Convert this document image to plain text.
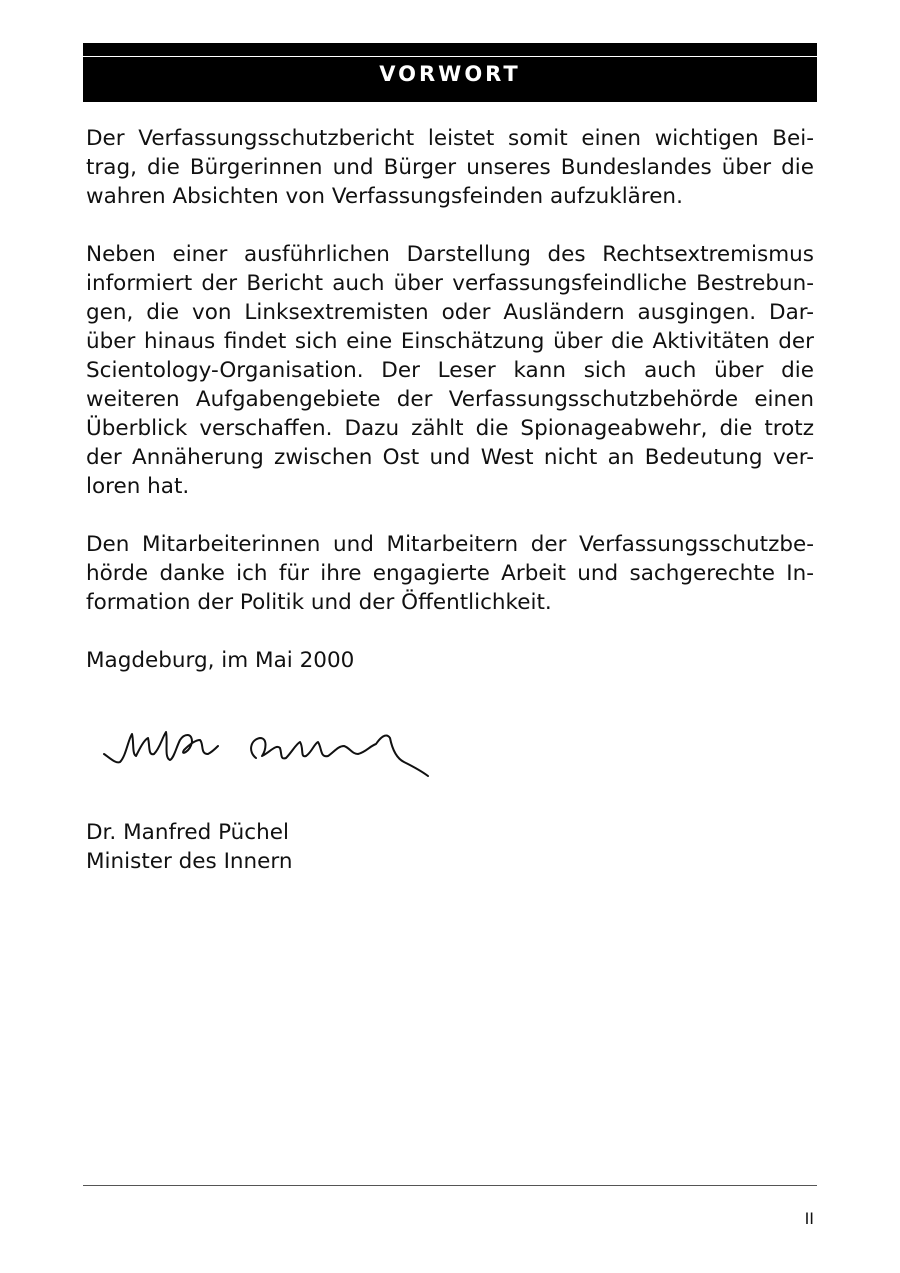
VORWORT
Der Verfassungsschutzbericht leistet somit einen wichtigen Bei-
trag, die Bürgerinnen und Bürger unseres Bundeslandes über die
wahren Absichten von Verfassungsfeinden aufzuklären.
Neben einer ausführlichen Darstellung des Rechtsextremismus
informiert der Bericht auch über verfassungsfeindliche Bestrebun-
gen, die von Linksextremisten oder Ausländern ausgingen. Dar-
über hinaus findet sich eine Einschätzung über die Aktivitäten der
Scientology-Organisation. Der Leser kann sich auch über die
weiteren Aufgabengebiete der Verfassungsschutzbehörde einen
Überblick verschaffen. Dazu zählt die Spionageabwehr, die trotz
der Annäherung zwischen Ost und West nicht an Bedeutung ver-
loren hat.
Den Mitarbeiterinnen und Mitarbeitern der Verfassungsschutzbe-
hörde danke ich für ihre engagierte Arbeit und sachgerechte In-
formation der Politik und der Öffentlichkeit.
Magdeburg, im Mai 2000
Dr. Manfred Püchel
Minister des Innern
II
